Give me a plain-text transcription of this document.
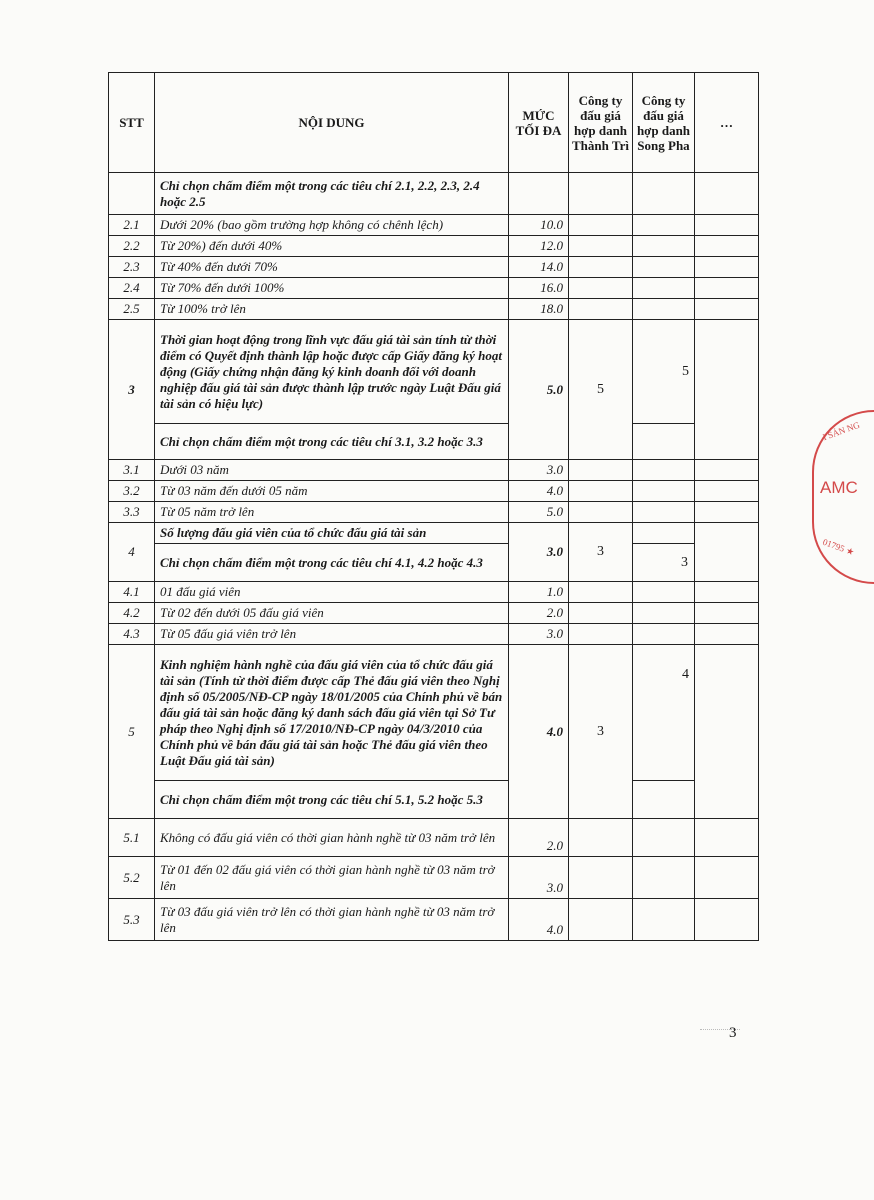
STT	NỘI DUNG	MỨC TỐI ĐA	Công ty đấu giá hợp danh Thành Trì	Công ty đấu giá hợp danh Song Pha	…
	Chỉ chọn chấm điểm một trong các tiêu chí 2.1, 2.2, 2.3, 2.4 hoặc 2.5				
2.1	Dưới 20% (bao gồm trường hợp không có chênh lệch)	10.0			
2.2	Từ 20%) đến dưới 40%	12.0			
2.3	Từ 40% đến dưới 70%	14.0			
2.4	Từ 70% đến dưới 100%	16.0			
2.5	Từ 100% trở lên	18.0			
3	Thời gian hoạt động trong lĩnh vực đấu giá tài sản tính từ thời điểm có Quyết định thành lập hoặc được cấp Giấy đăng ký hoạt động (Giấy chứng nhận đăng ký kinh doanh đối với doanh nghiệp đấu giá tài sản được thành lập trước ngày Luật Đấu giá tài sản có hiệu lực)	5.0	5	5	
	Chỉ chọn chấm điểm một trong các tiêu chí 3.1, 3.2 hoặc 3.3				
3.1	Dưới 03 năm	3.0			
3.2	Từ 03 năm đến dưới 05 năm	4.0			
3.3	Từ 05 năm trở lên	5.0			
4	Số lượng đấu giá viên của tổ chức đấu giá tài sản	3.0	3		
	Chỉ chọn chấm điểm một trong các tiêu chí 4.1, 4.2 hoặc 4.3			3	
4.1	01 đấu giá viên	1.0			
4.2	Từ 02 đến dưới 05 đấu giá viên	2.0			
4.3	Từ 05 đấu giá viên trở lên	3.0			
5	Kinh nghiệm hành nghề của đấu giá viên của tổ chức đấu giá tài sản (Tính từ thời điểm được cấp Thẻ đấu giá viên theo Nghị định số 05/2005/NĐ-CP ngày 18/01/2005 của Chính phủ về bán đấu giá tài sản hoặc đăng ký danh sách đấu giá viên tại Sở Tư pháp theo Nghị định số 17/2010/NĐ-CP ngày 04/3/2010 của Chính phủ về bán đấu giá tài sản hoặc Thẻ đấu giá viên theo Luật Đấu giá tài sản)	4.0	3	4	
	Chỉ chọn chấm điểm một trong các tiêu chí 5.1, 5.2 hoặc 5.3				
5.1	Không có đấu giá viên có thời gian hành nghề từ 03 năm trở lên	2.0			
5.2	Từ 01 đến 02 đấu giá viên có thời gian hành nghề từ 03 năm trở lên	3.0			
5.3	Từ 03 đấu giá viên trở lên có thời gian hành nghề từ 03 năm trở lên	4.0			
I SẢN NG
AMC
01795 ★
3
